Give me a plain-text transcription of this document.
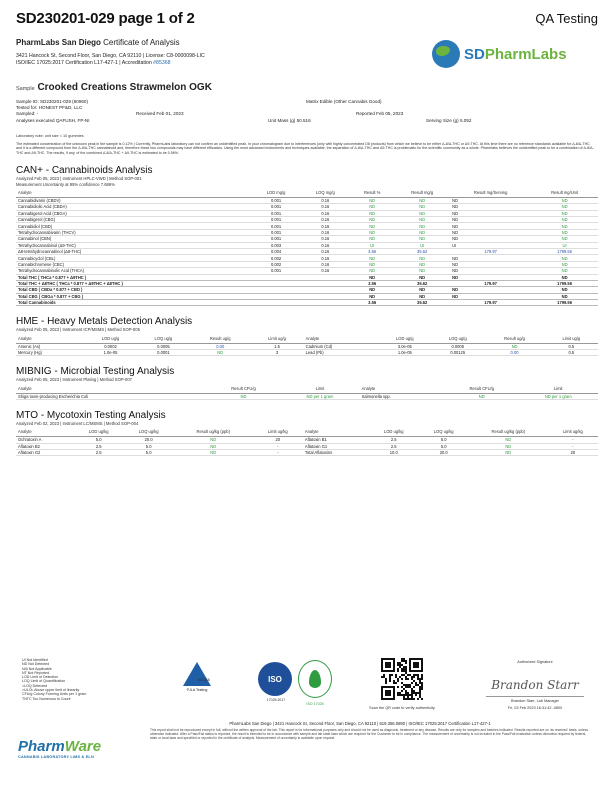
SD230201-029 page 1 of 2	QA Testing
PharmLabs San Diego Certificate of Analysis
3421 Hancock St, Second Floor, San Diego, CA 92110 | License: C8-0000098-LIC
ISO/IEC 17025:2017 Certification L17-427-1 | Accreditation #85368
SDPharmLabs
Sample Crooked Creations Strawmelon OGK
Sample ID: SD230201-029 (60960)	Matrix Edible (Other Cannabis Good)
Tested for: HONEST PF&D, LLC
Sampled: -	Received Feb 01, 2023	Reported Feb 05, 2023
Analyses executed QAFUSH, FP-NI	Unit Mass (g) 50.516	Serving Size (g) 5.052
Laboratory note: unit size = 10 gummies
The estimated concentration of the unknown peak in the sample is 0.12% | Currently, PharmLabs laboratory can not confirm an unidentified peak. In your chromatogram due to interferences (only with highly concentrated D8 products) from which we believe to be either Δ-8/Δ-THC or Δ9-THC. At this time there are no reference standards available for Δ-8/Δ-THC and it is a different compound from the Δ-8/Δ-THC cannabinoid and, therefore these two compounds may have different efficacies. Using the most advanced instruments and techniques available, the separation of Δ-8/Δ-THC and Δ9-THC is problematic for the scientific community as a whole. Pharmlabs believes the unidentified peak to be a combination of Δ-8/Δ-THC and Δ9-THC. The results, if any, of the combined Δ-8/Δ-THC + Δ9-THC is estimated to be 0.56%.
CAN+ - Cannabinoids Analysis
Analyzed Feb 05, 2023 | Instrument HPLC-VWD | Method SOP-001
Measurement Uncertainty at 95% confidence 7.686%
Analyte	LOD mg/g	LOQ mg/g	Result %	Result mg/g	Result mg/Serving	Result mg/Unit
Cannabidivarin (CBDV)	0.001	0.16	ND	ND	ND	ND
Cannabidiolic Acid (CBDA)	0.001	0.16	ND	ND	ND	ND
Cannabigerol Acid (CBGA)	0.001	0.16	ND	ND	ND	ND
Cannabigerol (CBG)	0.001	0.16	ND	ND	ND	ND
Cannabidiol (CBD)	0.001	0.16	ND	ND	ND	ND
Tetrahydrocannabivarin (THCV)	0.001	0.16	ND	ND	ND	ND
Cannabinol (CBN)	0.001	0.16	ND	ND	ND	ND
Tetrahydrocannabinol (Δ9-THC)	0.003	0.16	UI	UI	UI	UI
Δ8-tetrahydrocannabinol (Δ8-THC)	0.004	0.16	3.56	35.62	179.97	1799.56
Cannabicyclol (CBL)	0.002	0.16	ND	ND	ND	ND
Cannabichromene (CBC)	0.002	0.16	ND	ND	ND	ND
Tetrahydrocannabinolic Acid (THCA)	0.001	0.16	ND	ND	ND	ND
Total THC ( THCa * 0.877 + Δ9THC )			ND	ND	ND	ND
Total THC + Δ8THC ( THCa * 0.877 + Δ9THC + Δ8THC )			3.56	35.62	179.97	1799.56
Total CBD ( CBDa * 0.877 + CBD )			ND	ND	ND	ND
Total CBG ( CBGa * 0.877 + CBG )			ND	ND	ND	ND
Total Cannabinoids			3.56	35.62	179.97	1799.56
HME - Heavy Metals Detection Analysis
Analyzed Feb 05, 2023 | Instrument ICP/MSMS | Method SOP-005
Analyte	LOD ug/g	LOQ ug/g	Result ug/g	Limit ug/g	Analyte	LOD ug/g	LOQ ug/g	Result ug/g	Limit ug/g
Arsenic (As)	0.0002	0.0005	0.00	1.5	Cadmium (Cd)	3.0e-05	0.0005	ND	0.5
Mercury (Hg)	1.0e-05	0.0001	ND	3	Lead (Pb)	1.0e-05	0.00125	0.00	0.5
MIBNIG - Microbial Testing Analysis
Analyzed Feb 05, 2023 | Instrument Plating | Method SOP-007
Analyte	Result CFU/g	Limit	Analyte	Result CFU/g	Limit
Shiga toxin-producing Escherichia Coli	ND	ND per 1 gram	Salmonella spp.	ND	ND per 1 gram
MTO - Mycotoxin Testing Analysis
Analyzed Feb 02, 2023 | Instrument LC/MSMS | Method SOP-004
Analyte	LOD ug/kg	LOQ ug/kg	Result ug/kg (ppb)	Limit ug/kg	Analyte	LOD ug/kg	LOQ ug/kg	Result ug/kg (ppb)	Limit ug/kg
Ochratoxin A	5.0	20.0	ND	20	Aflatoxin B1	2.5	5.0	ND	-
Aflatoxin B2	2.5	5.0	ND	-	Aflatoxin G1	2.5	5.0	ND	-
Aflatoxin G2	2.5	5.0	ND	-	Total Aflatoxins	10.0	20.0	ND	20
UI Not Identified
ND Not Detected
N/A Not Applicable
NT Not Reported
LOD Limit of Detection
LOQ Limit of Quantification
<LOQ Detected
>ULOL Above upper limit of linearity
CFU/g Colony Forming Units per 1 gram
TNTC Too Numerous to Count
PharmWare
CANNABIS LABORATORY LIMS & ELN
#85368
PJLA Testing
ISO
17025:2017
ISO 17025
Scan the QR code to verify authenticity
Authorized Signature
Brandon Starr
Brandon Starr, Lab Manager
Fri, 03 Feb 2023 16:31:42 -0800
PharmLabs San Diego | 3421 Hancock St, Second Floor, San Diego, CA 92110 | 619.356.0890 | ISO/IEC 17025:2017 Certification L17-427-1
This report shall not be reproduced except in full, without the written approval of the lab. This report is for informational purposes only and should not be used as diagnosis, treatment or any disease. Results are only for samples and batches indicated. Results reported are on 'as received' basis, unless otherwise indicated. After a Pass/Fail status is reported, the result is intended to be in accordance with sample and lab state laws which are required for the Customer to be in compliance. The measurement of uncertainty is not included in the Pass/Fail evaluation unless otherwise required by federal, state or local laws and specified or reported in the certificate of analysis. Measurement of uncertainty is available upon request.
